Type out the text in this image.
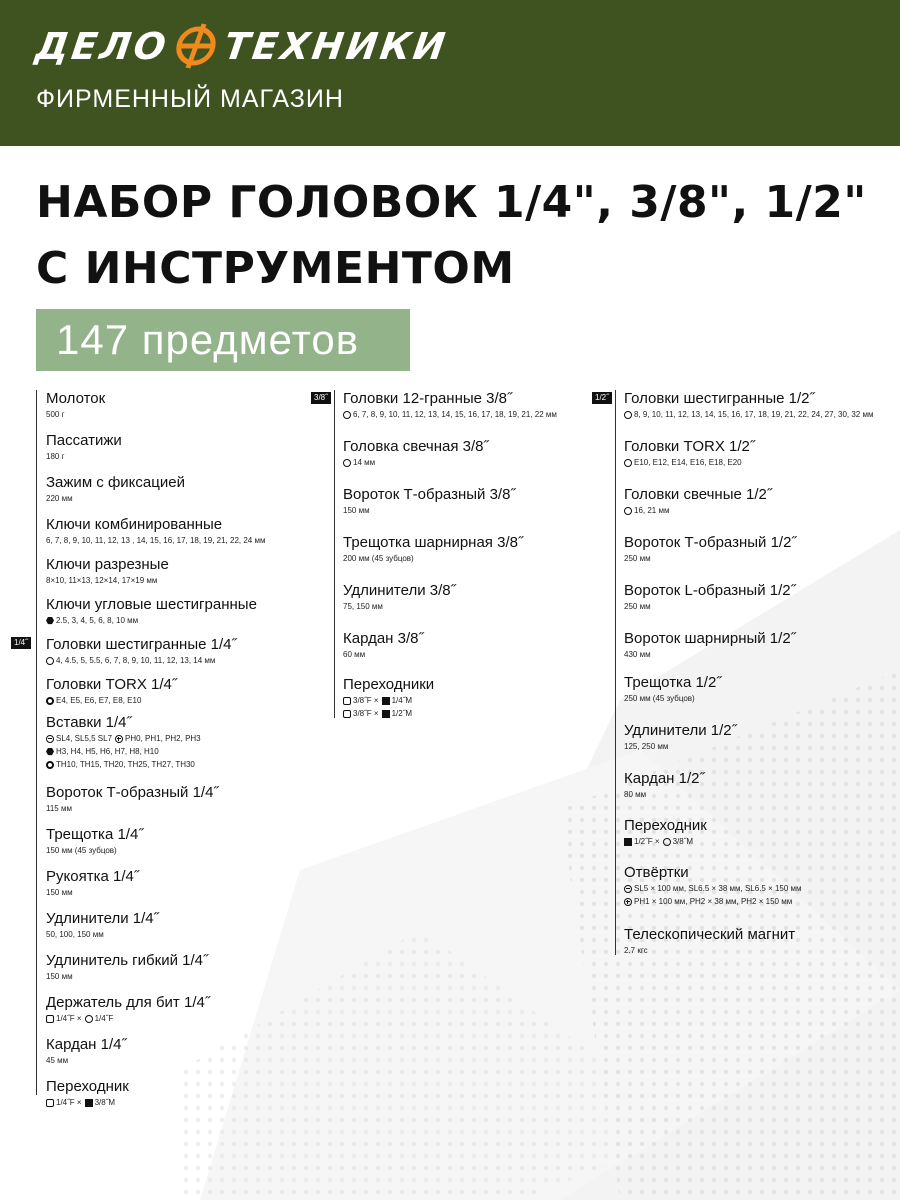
ДЕЛО ТЕХНИКИ
ФИРМЕННЫЙ МАГАЗИН
НАБОР ГОЛОВОК 1/4", 3/8", 1/2"
С ИНСТРУМЕНТОМ
147 предметов
1/4˝
Молоток
500 г
Пассатижи
180 г
Зажим с фиксацией
220 мм
Ключи комбинированные
6, 7, 8, 9, 10, 11, 12, 13 , 14, 15, 16, 17, 18, 19, 21, 22, 24 мм
Ключи разрезные
8×10, 11×13, 12×14, 17×19 мм
Ключи угловые шестигранные
2.5, 3, 4, 5, 6, 8, 10 мм
Головки шестигранные 1/4˝
4, 4.5, 5, 5.5, 6, 7, 8, 9, 10, 11, 12, 13, 14 мм
Головки TORX 1/4˝
E4, E5, E6, E7, E8, E10
Вставки 1/4˝
SL4, SL5,5 SL7 PH0, PH1, PH2, PH3
H3, H4, H5, H6, H7, H8, H10
TH10, TH15, TH20, TH25, TH27, TH30
Вороток Т-образный 1/4˝
115 мм
Трещотка 1/4˝
150 мм (45 зубцов)
Рукоятка 1/4˝
150 мм
Удлинители 1/4˝
50, 100, 150 мм
Удлинитель гибкий 1/4˝
150 мм
Держатель для бит 1/4˝
1/4˝F × 1/4˝F
Кардан 1/4˝
45 мм
Переходник
1/4˝F × 3/8˝M
3/8˝ Головки 12-гранные 3/8˝
6, 7, 8, 9, 10, 11, 12, 13, 14, 15, 16, 17, 18, 19, 21, 22 мм
Головка свечная 3/8˝
14 мм
Вороток Т-образный 3/8˝
150 мм
Трещотка шарнирная 3/8˝
200 мм (45 зубцов)
Удлинители 3/8˝
75, 150 мм
Кардан 3/8˝
60 мм
Переходники
3/8˝F × 1/4˝M
3/8˝F × 1/2˝M
1/2˝ Головки шестигранные 1/2˝
8, 9, 10, 11, 12, 13, 14, 15, 16, 17, 18, 19, 21, 22, 24, 27, 30, 32 мм
Головки TORX 1/2˝
E10, E12, E14, E16, E18, E20
Головки свечные 1/2˝
16, 21 мм
Вороток Т-образный 1/2˝
250 мм
Вороток L-образный 1/2˝
250 мм
Вороток шарнирный 1/2˝
430 мм
Трещотка 1/2˝
250 мм (45 зубцов)
Удлинители 1/2˝
125, 250 мм
Кардан 1/2˝
80 мм
Переходник
1/2˝F × 3/8˝M
Отвёртки
SL5 × 100 мм, SL6.5 × 38 мм, SL6.5 × 150 мм
PH1 × 100 мм, PH2 × 38 мм, PH2 × 150 мм
Телескопический магнит
2.7 кгс
